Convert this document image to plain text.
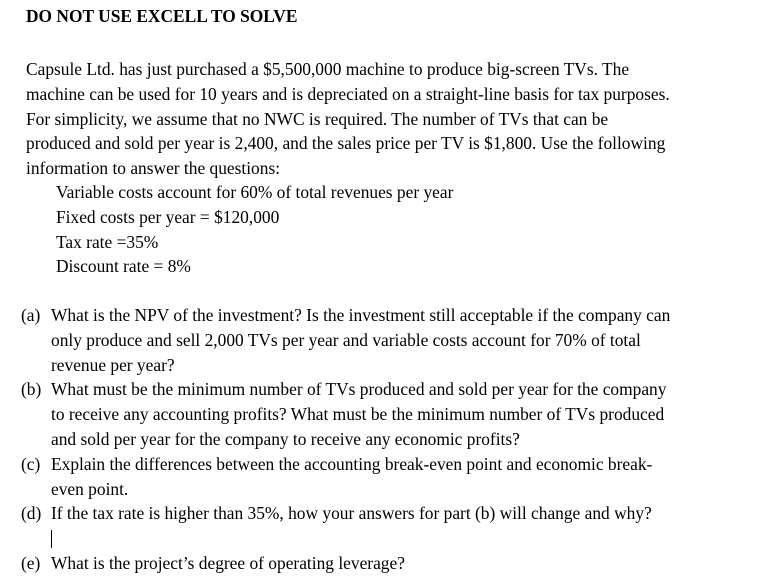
DO NOT USE EXCELL TO SOLVE

Capsule Ltd. has just purchased a $5,500,000 machine to produce big-screen TVs. The
machine can be used for 10 years and is depreciated on a straight-line basis for tax purposes.
For simplicity, we assume that no NWC is required. The number of TVs that can be
produced and sold per year is 2,400, and the sales price per TV is $1,800. Use the following
information to answer the questions:

Variable costs account for 60% of total revenues per year
Fixed costs per year = $120,000
Tax rate =35%
Discount rate = 8%
(a) What is the NPV of the investment? Is the investment still acceptable if the company can
only produce and sell 2,000 TVs per year and variable costs account for 70% of total
revenue per year?
(b) What must be the minimum number of TVs produced and sold per year for the company
to receive any accounting profits? What must be the minimum number of TVs produced
and sold per year for the company to receive any economic profits?
(c) Explain the differences between the accounting break-even point and economic break-
even point.
(d) If the tax rate is higher than 35%, how your answers for part (b) will change and why?
(e) What is the project’s degree of operating leverage?
